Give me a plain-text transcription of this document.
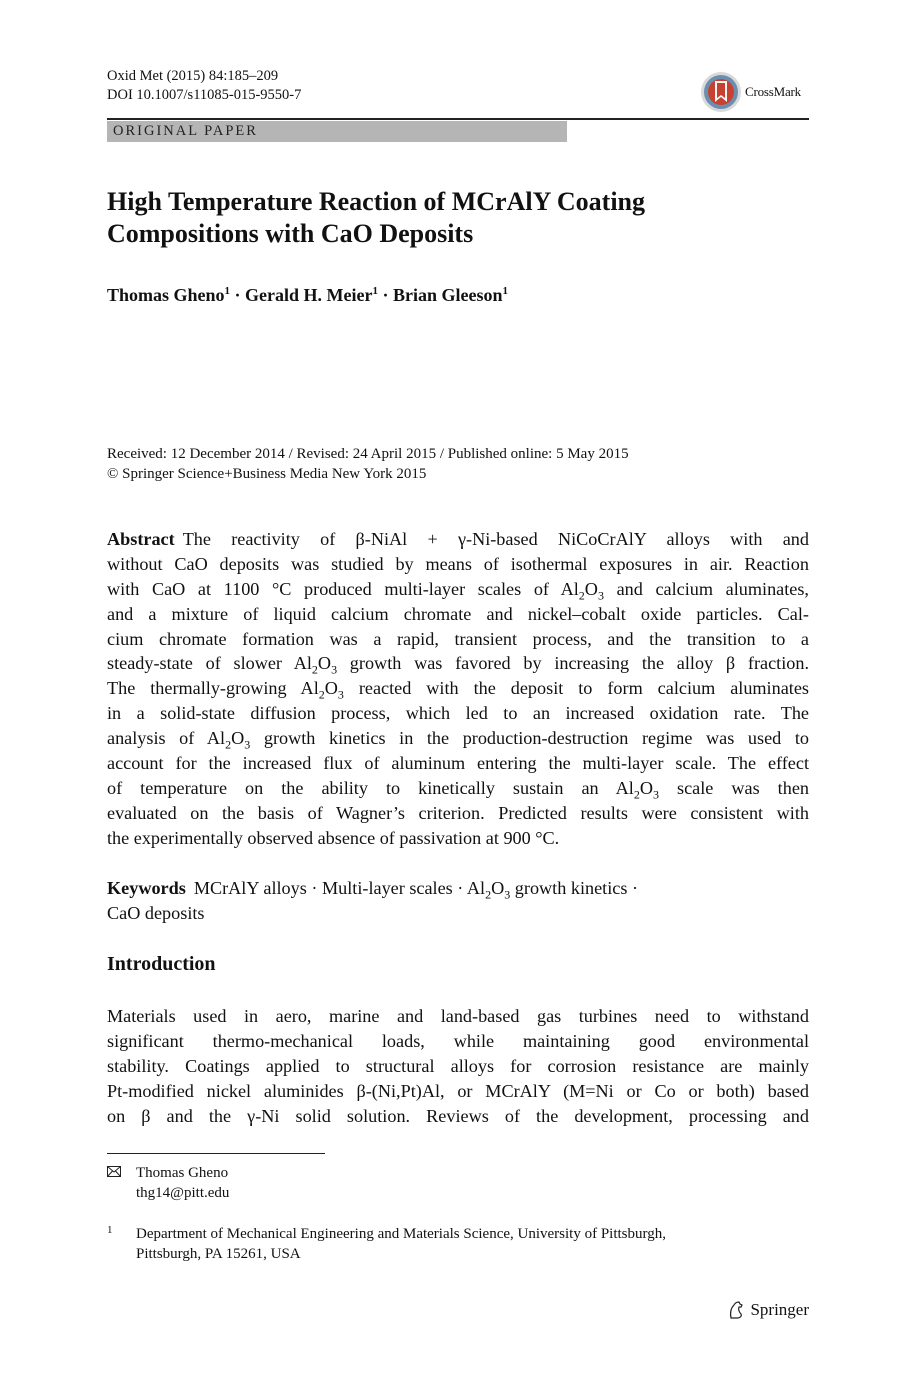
Oxid Met (2015) 84:185–209
DOI 10.1007/s11085-015-9550-7	CrossMark
ORIGINAL PAPER
High Temperature Reaction of MCrAlY Coating
Compositions with CaO Deposits
Thomas Gheno$^1$ · Gerald H. Meier$^1$ · Brian Gleeson$^1$
Received: 12 December 2014 / Revised: 24 April 2015 / Published online: 5 May 2015
© Springer Science+Business Media New York 2015
Abstract The reactivity of β-NiAl + γ-Ni-based NiCoCrAlY alloys with and
without CaO deposits was studied by means of isothermal exposures in air. Reaction
with CaO at 1100 °C produced multi-layer scales of $Al_2O_3$ and calcium aluminates,
and a mixture of liquid calcium chromate and nickel–cobalt oxide particles. Cal-
cium chromate formation was a rapid, transient process, and the transition to a
steady-state of slower $Al_2O_3$ growth was favored by increasing the alloy β fraction.
The thermally-growing $Al_2O_3$ reacted with the deposit to form calcium aluminates
in a solid-state diffusion process, which led to an increased oxidation rate. The
analysis of $Al_2O_3$ growth kinetics in the production-destruction regime was used to
account for the increased flux of aluminum entering the multi-layer scale. The effect
of temperature on the ability to kinetically sustain an $Al_2O_3$ scale was then
evaluated on the basis of Wagner’s criterion. Predicted results were consistent with
the experimentally observed absence of passivation at 900 °C.
Keywords MCrAlY alloys · Multi-layer scales · $Al_2O_3$ growth kinetics ·
CaO deposits
Introduction
Materials used in aero, marine and land-based gas turbines need to withstand
significant thermo-mechanical loads, while maintaining good environmental
stability. Coatings applied to structural alloys for corrosion resistance are mainly
Pt-modified nickel aluminides β-(Ni,Pt)Al, or MCrAlY (M=Ni or Co or both) based
on β and the γ-Ni solid solution. Reviews of the development, processing and
Thomas Gheno
thg14@pitt.edu
1	Department of Mechanical Engineering and Materials Science, University of Pittsburgh,
Pittsburgh, PA 15261, USA
Springer
